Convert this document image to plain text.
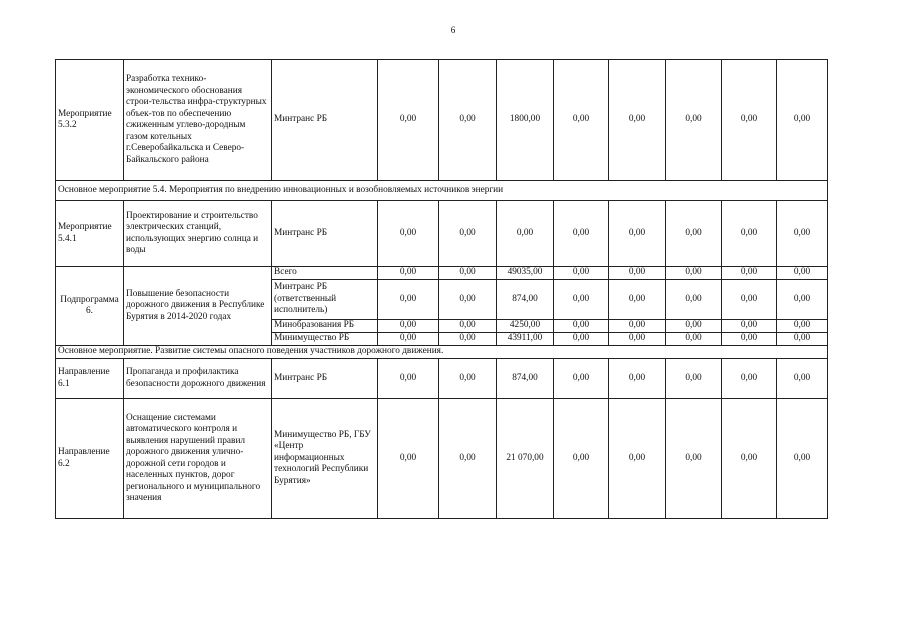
6
Мероприятие 5.3.2	Разработка технико-экономического обоснования строи-тельства инфра-структурных объек-тов по обеспечению сжиженным углево-дородным газом котельных г.Северобайкальска и Северо-Байкальского района	Минтранс РБ	0,00	0,00	1800,00	0,00	0,00	0,00	0,00	0,00
Основное мероприятие 5.4. Мероприятия по внедрению инновационных и возобновляемых источников энергии										
Мероприятие 5.4.1	Проектирование и строительство электрических станций, использующих энергию солнца и воды	Минтранс РБ	0,00	0,00	0,00	0,00	0,00	0,00	0,00	0,00
Подпрограмма 6.	Повышение безопасности дорожного движения в Республике Бурятия в 2014-2020 годах	Всего	0,00	0,00	49035,00	0,00	0,00	0,00	0,00	0,00
		Минтранс РБ (ответственный исполнитель)	0,00	0,00	874,00	0,00	0,00	0,00	0,00	0,00
		Минобразования РБ	0,00	0,00	4250,00	0,00	0,00	0,00	0,00	0,00
		Минимущество РБ	0,00	0,00	43911,00	0,00	0,00	0,00	0,00	0,00
Основное мероприятие. Развитие системы опасного поведения участников дорожного движения.										
Направление 6.1	Пропаганда и профилактика безопасности дорожного движения	Минтранс РБ	0,00	0,00	874,00	0,00	0,00	0,00	0,00	0,00
Направление 6.2	Оснащение системами автоматического контроля и выявления нарушений правил дорожного движения улично-дорожной сети городов и населенных пунктов, дорог регионального и муниципального значения	Минимущество РБ, ГБУ «Центр информационных технологий Республики Бурятия»	0,00	0,00	21 070,00	0,00	0,00	0,00	0,00	0,00
